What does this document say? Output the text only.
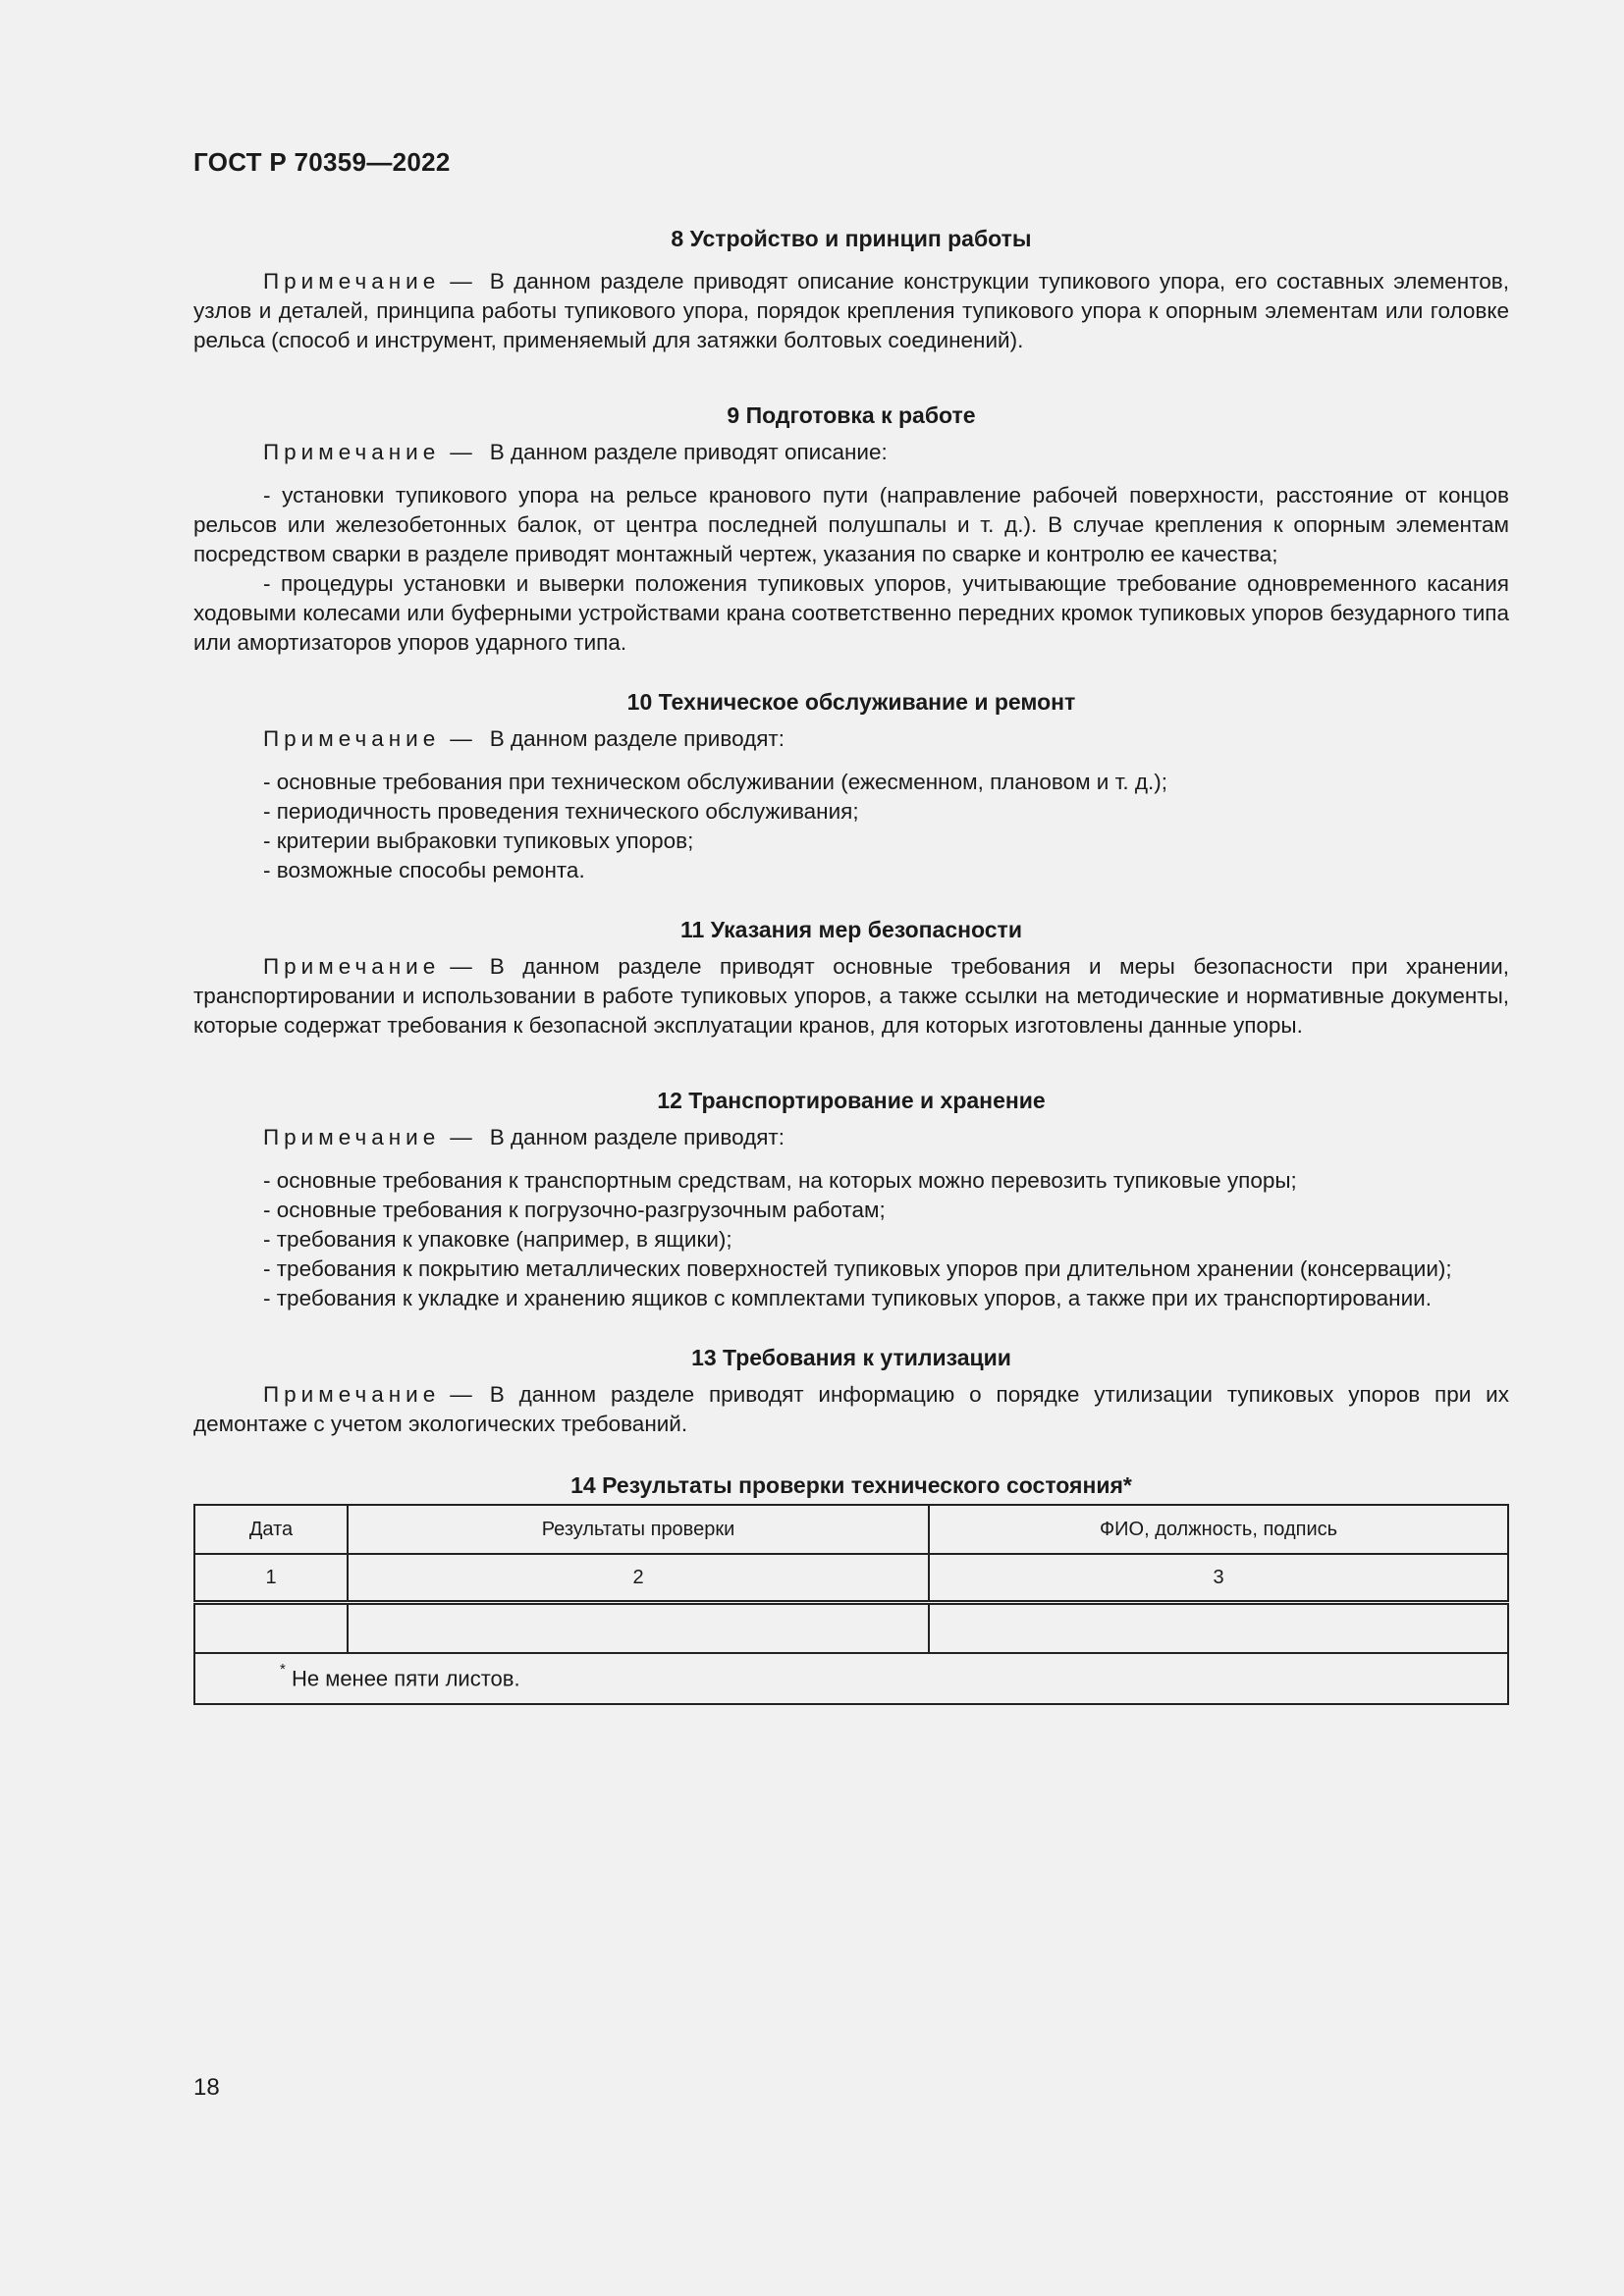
ГОСТ Р 70359—2022
8 Устройство и принцип работы

Примечание — В данном разделе приводят описание конструкции тупикового упора, его составных элементов, узлов и деталей, принципа работы тупикового упора, порядок крепления тупикового упора к опорным элементам или головке рельса (способ и инструмент, применяемый для затяжки болтовых соединений).

9 Подготовка к работе

Примечание — В данном разделе приводят описание:

- установки тупикового упора на рельсе кранового пути (направление рабочей поверхности, расстояние от концов рельсов или железобетонных балок, от центра последней полушпалы и т. д.). В случае крепления к опорным элементам посредством сварки в разделе приводят монтажный чертеж, указания по сварке и контролю ее качества;

- процедуры установки и выверки положения тупиковых упоров, учитывающие требование одновременного касания ходовыми колесами или буферными устройствами крана соответственно передних кромок тупиковых упоров безударного типа или амортизаторов упоров ударного типа.

10 Техническое обслуживание и ремонт

Примечание — В данном разделе приводят:

- основные требования при техническом обслуживании (ежесменном, плановом и т. д.);

- периодичность проведения технического обслуживания;

- критерии выбраковки тупиковых упоров;

- возможные способы ремонта.

11 Указания мер безопасности

Примечание — В данном разделе приводят основные требования и меры безопасности при хранении, транспортировании и использовании в работе тупиковых упоров, а также ссылки на методические и нормативные документы, которые содержат требования к безопасной эксплуатации кранов, для которых изготовлены данные упоры.

12 Транспортирование и хранение

Примечание — В данном разделе приводят:

- основные требования к транспортным средствам, на которых можно перевозить тупиковые упоры;

- основные требования к погрузочно-разгрузочным работам;

- требования к упаковке (например, в ящики);

- требования к покрытию металлических поверхностей тупиковых упоров при длительном хранении (консервации);

- требования к укладке и хранению ящиков с комплектами тупиковых упоров, а также при их транспортировании.

13 Требования к утилизации

Примечание — В данном разделе приводят информацию о порядке утилизации тупиковых упоров при их демонтаже с учетом экологических требований.

14 Результаты проверки технического состояния*
Дата	Результаты проверки	ФИО, должность, подпись
1	2	3

* Не менее пяти листов.		
18
